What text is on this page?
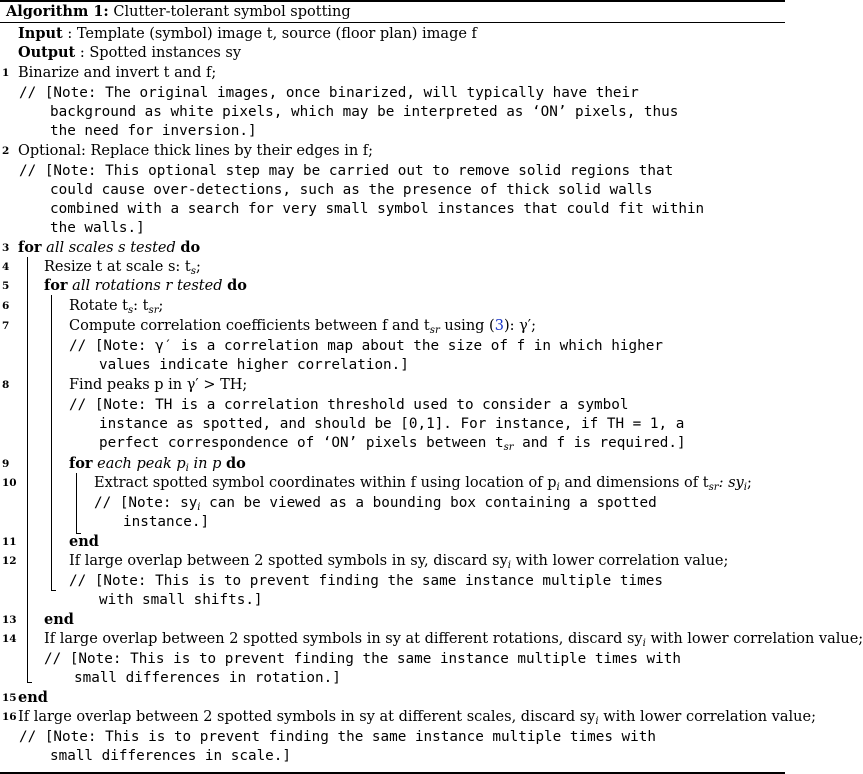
Algorithm 1: Clutter-tolerant symbol spotting
Input : Template (symbol) image t, source (floor plan) image f
Output : Spotted instances sy
1 Binarize and invert t and f;
// [Note: The original images, once binarized, will typically have their
background as white pixels, which may be interpreted as ‘ON’ pixels, thus
the need for inversion.]
2 Optional: Replace thick lines by their edges in f;
// [Note: This optional step may be carried out to remove solid regions that
could cause over-detections, such as the presence of thick solid walls
combined with a search for very small symbol instances that could fit within
the walls.]
3 for all scales s tested do
4	Resize t at scale s: $t_s$;
5	for all rotations r tested do
6	Rotate $t_s$: $t_{sr}$;
7	Compute correlation coefficients between f and $t_{sr}$ using (3): γ′;
// [Note: γ′ is a correlation map about the size of f in which higher
values indicate higher correlation.]
8	Find peaks p in γ′ > TH;
// [Note: TH is a correlation threshold used to consider a symbol
instance as spotted, and should be [0,1]. For instance, if TH = 1, a
perfect correspondence of ‘ON’ pixels between $t_{sr}$ and f is required.]
9	for each peak $p_i$ in p do
10	Extract spotted symbol coordinates within f using location of $p_i$ and dimensions of $t_{sr}$: $sy_i$;
// [Note: $sy_i$ can be viewed as a bounding box containing a spotted
instance.]
11	end
12	If large overlap between 2 spotted symbols in sy, discard $sy_i$ with lower correlation value;
// [Note: This is to prevent finding the same instance multiple times
with small shifts.]
13 end
14 If large overlap between 2 spotted symbols in sy at different rotations, discard $sy_i$ with lower correlation value;
// [Note: This is to prevent finding the same instance multiple times with
small differences in rotation.]
15 end
16 If large overlap between 2 spotted symbols in sy at different scales, discard $sy_i$ with lower correlation value;
// [Note: This is to prevent finding the same instance multiple times with
small differences in scale.]
